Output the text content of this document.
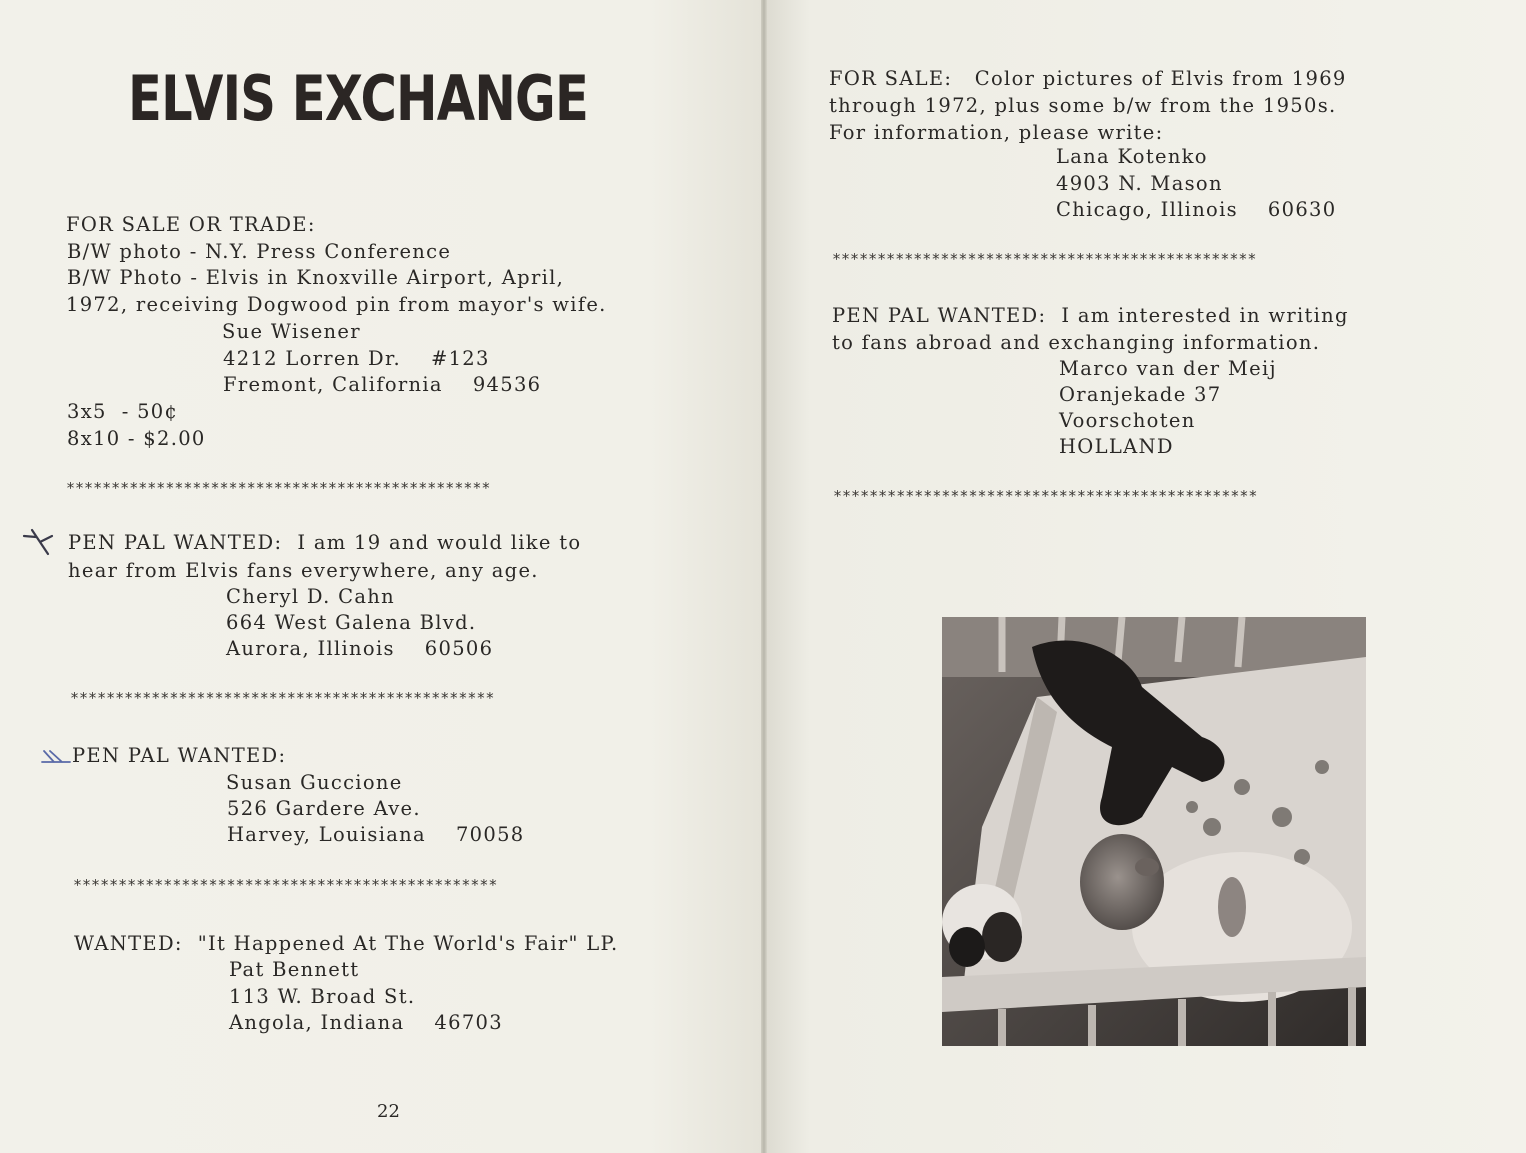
ELVIS EXCHANGE
FOR SALE OR TRADE:
B/W photo - N.Y. Press Conference
B/W Photo - Elvis in Knoxville Airport, April,
1972, receiving Dogwood pin from mayor's wife.
Sue Wisener
4212 Lorren Dr.    #123
Fremont, California    94536
3x5  - 50¢
8x10 - $2.00
***********************************************
PEN PAL WANTED:  I am 19 and would like to
hear from Elvis fans everywhere, any age.
Cheryl D. Cahn
664 West Galena Blvd.
Aurora, Illinois    60506
***********************************************
PEN PAL WANTED:
Susan Guccione
526 Gardere Ave.
Harvey, Louisiana    70058
***********************************************
WANTED:  "It Happened At The World's Fair" LP.
Pat Bennett
113 W. Broad St.
Angola, Indiana    46703
22
FOR SALE:   Color pictures of Elvis from 1969
through 1972, plus some b/w from the 1950s.
For information, please write:
Lana Kotenko
4903 N. Mason
Chicago, Illinois    60630
***********************************************
PEN PAL WANTED:  I am interested in writing
to fans abroad and exchanging information.
Marco van der Meij
Oranjekade 37
Voorschoten
HOLLAND
***********************************************
